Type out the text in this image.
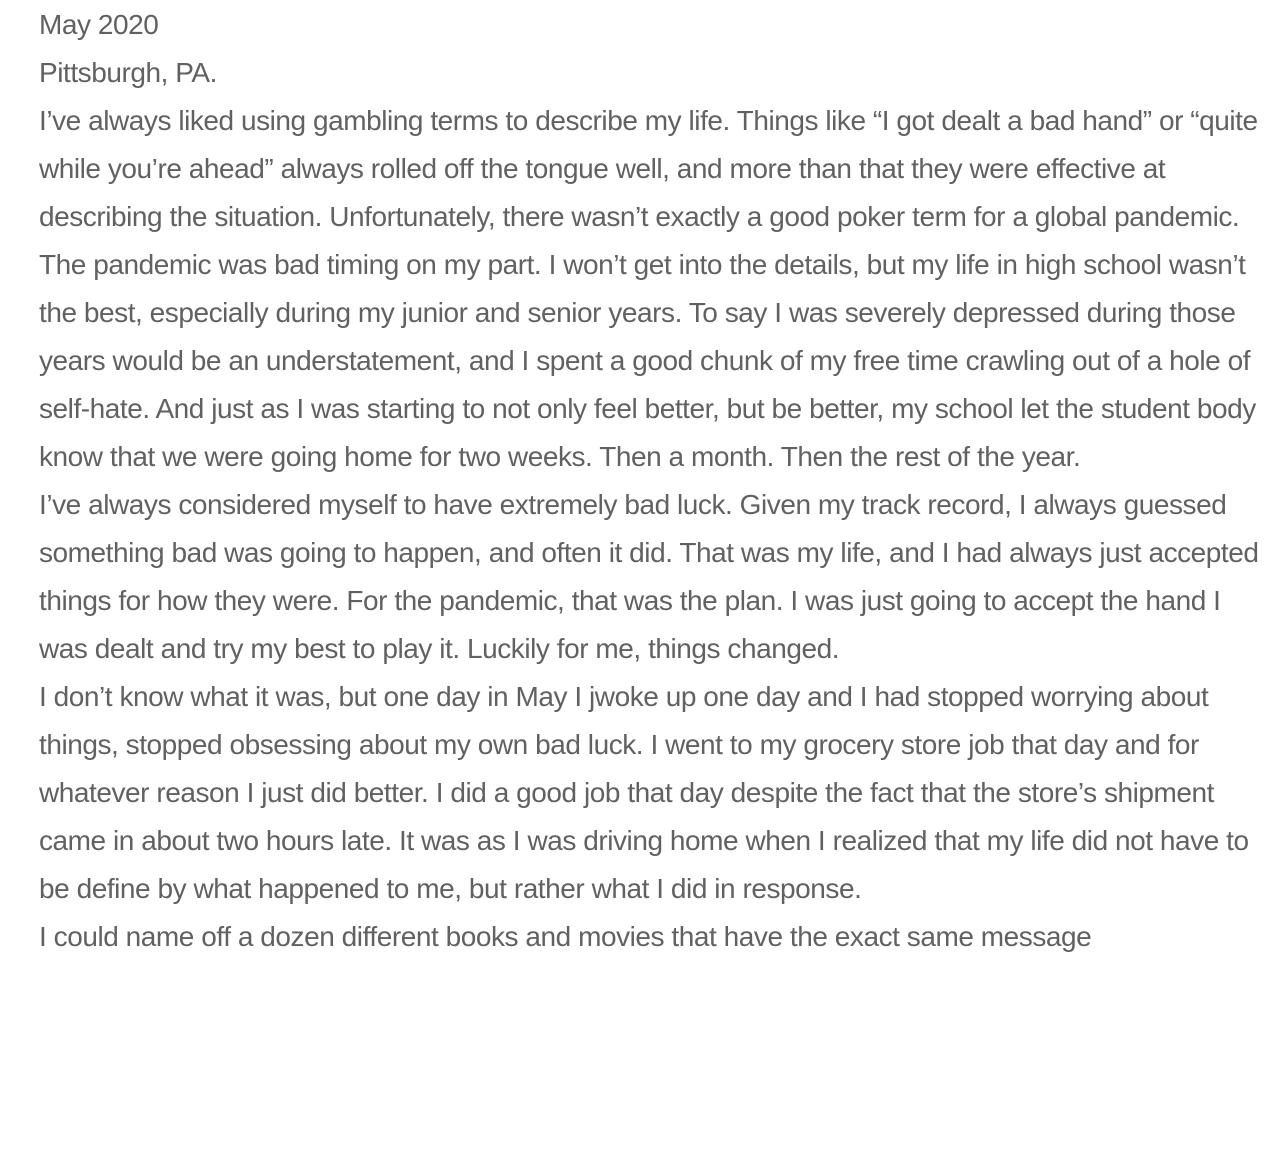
May 2020

Pittsburgh, PA.

I’ve always liked using gambling terms to describe my life. Things like “I got dealt a bad hand” or “quite while you’re ahead” always rolled off the tongue well, and more than that they were effective at describing the situation. Unfortunately, there wasn’t exactly a good poker term for a global pandemic.

The pandemic was bad timing on my part. I won’t get into the details, but my life in high school wasn’t the best, especially during my junior and senior years. To say I was severely depressed during those years would be an understatement, and I spent a good chunk of my free time crawling out of a hole of self-hate. And just as I was starting to not only feel better, but be better, my school let the student body know that we were going home for two weeks. Then a month. Then the rest of the year.

I’ve always considered myself to have extremely bad luck. Given my track record, I always guessed something bad was going to happen, and often it did. That was my life, and I had always just accepted things for how they were. For the pandemic, that was the plan. I was just going to accept the hand I was dealt and try my best to play it. Luckily for me, things changed.

I don’t know what it was, but one day in May I jwoke up one day and I had stopped worrying about things, stopped obsessing about my own bad luck. I went to my grocery store job that day and for whatever reason I just did better. I did a good job that day despite the fact that the store’s shipment came in about two hours late. It was as I was driving home when I realized that my life did not have to be define by what happened to me, but rather what I did in response.

I could name off a dozen different books and movies that have the exact same message
